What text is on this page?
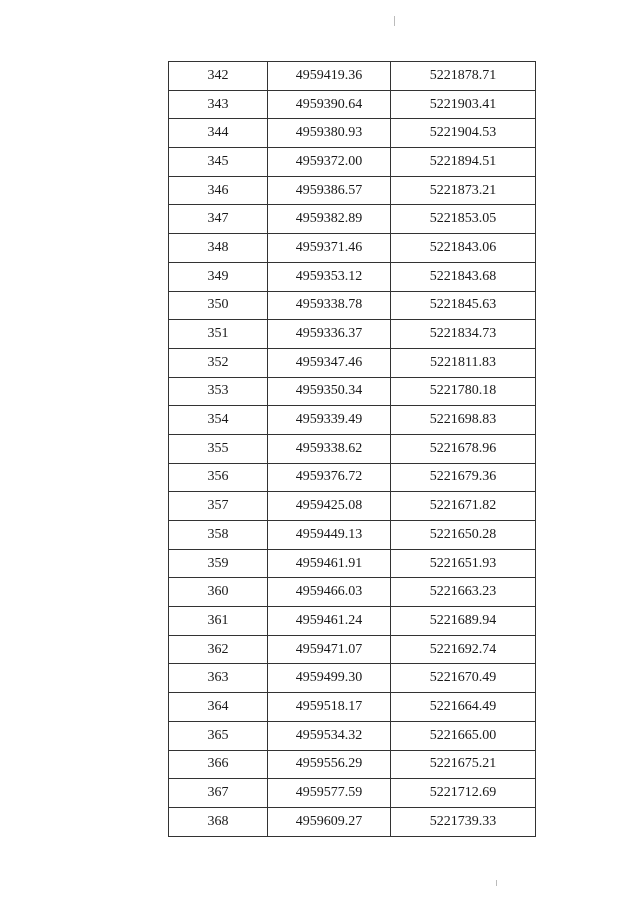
342	4959419.36	5221878.71
343	4959390.64	5221903.41
344	4959380.93	5221904.53
345	4959372.00	5221894.51
346	4959386.57	5221873.21
347	4959382.89	5221853.05
348	4959371.46	5221843.06
349	4959353.12	5221843.68
350	4959338.78	5221845.63
351	4959336.37	5221834.73
352	4959347.46	5221811.83
353	4959350.34	5221780.18
354	4959339.49	5221698.83
355	4959338.62	5221678.96
356	4959376.72	5221679.36
357	4959425.08	5221671.82
358	4959449.13	5221650.28
359	4959461.91	5221651.93
360	4959466.03	5221663.23
361	4959461.24	5221689.94
362	4959471.07	5221692.74
363	4959499.30	5221670.49
364	4959518.17	5221664.49
365	4959534.32	5221665.00
366	4959556.29	5221675.21
367	4959577.59	5221712.69
368	4959609.27	5221739.33
